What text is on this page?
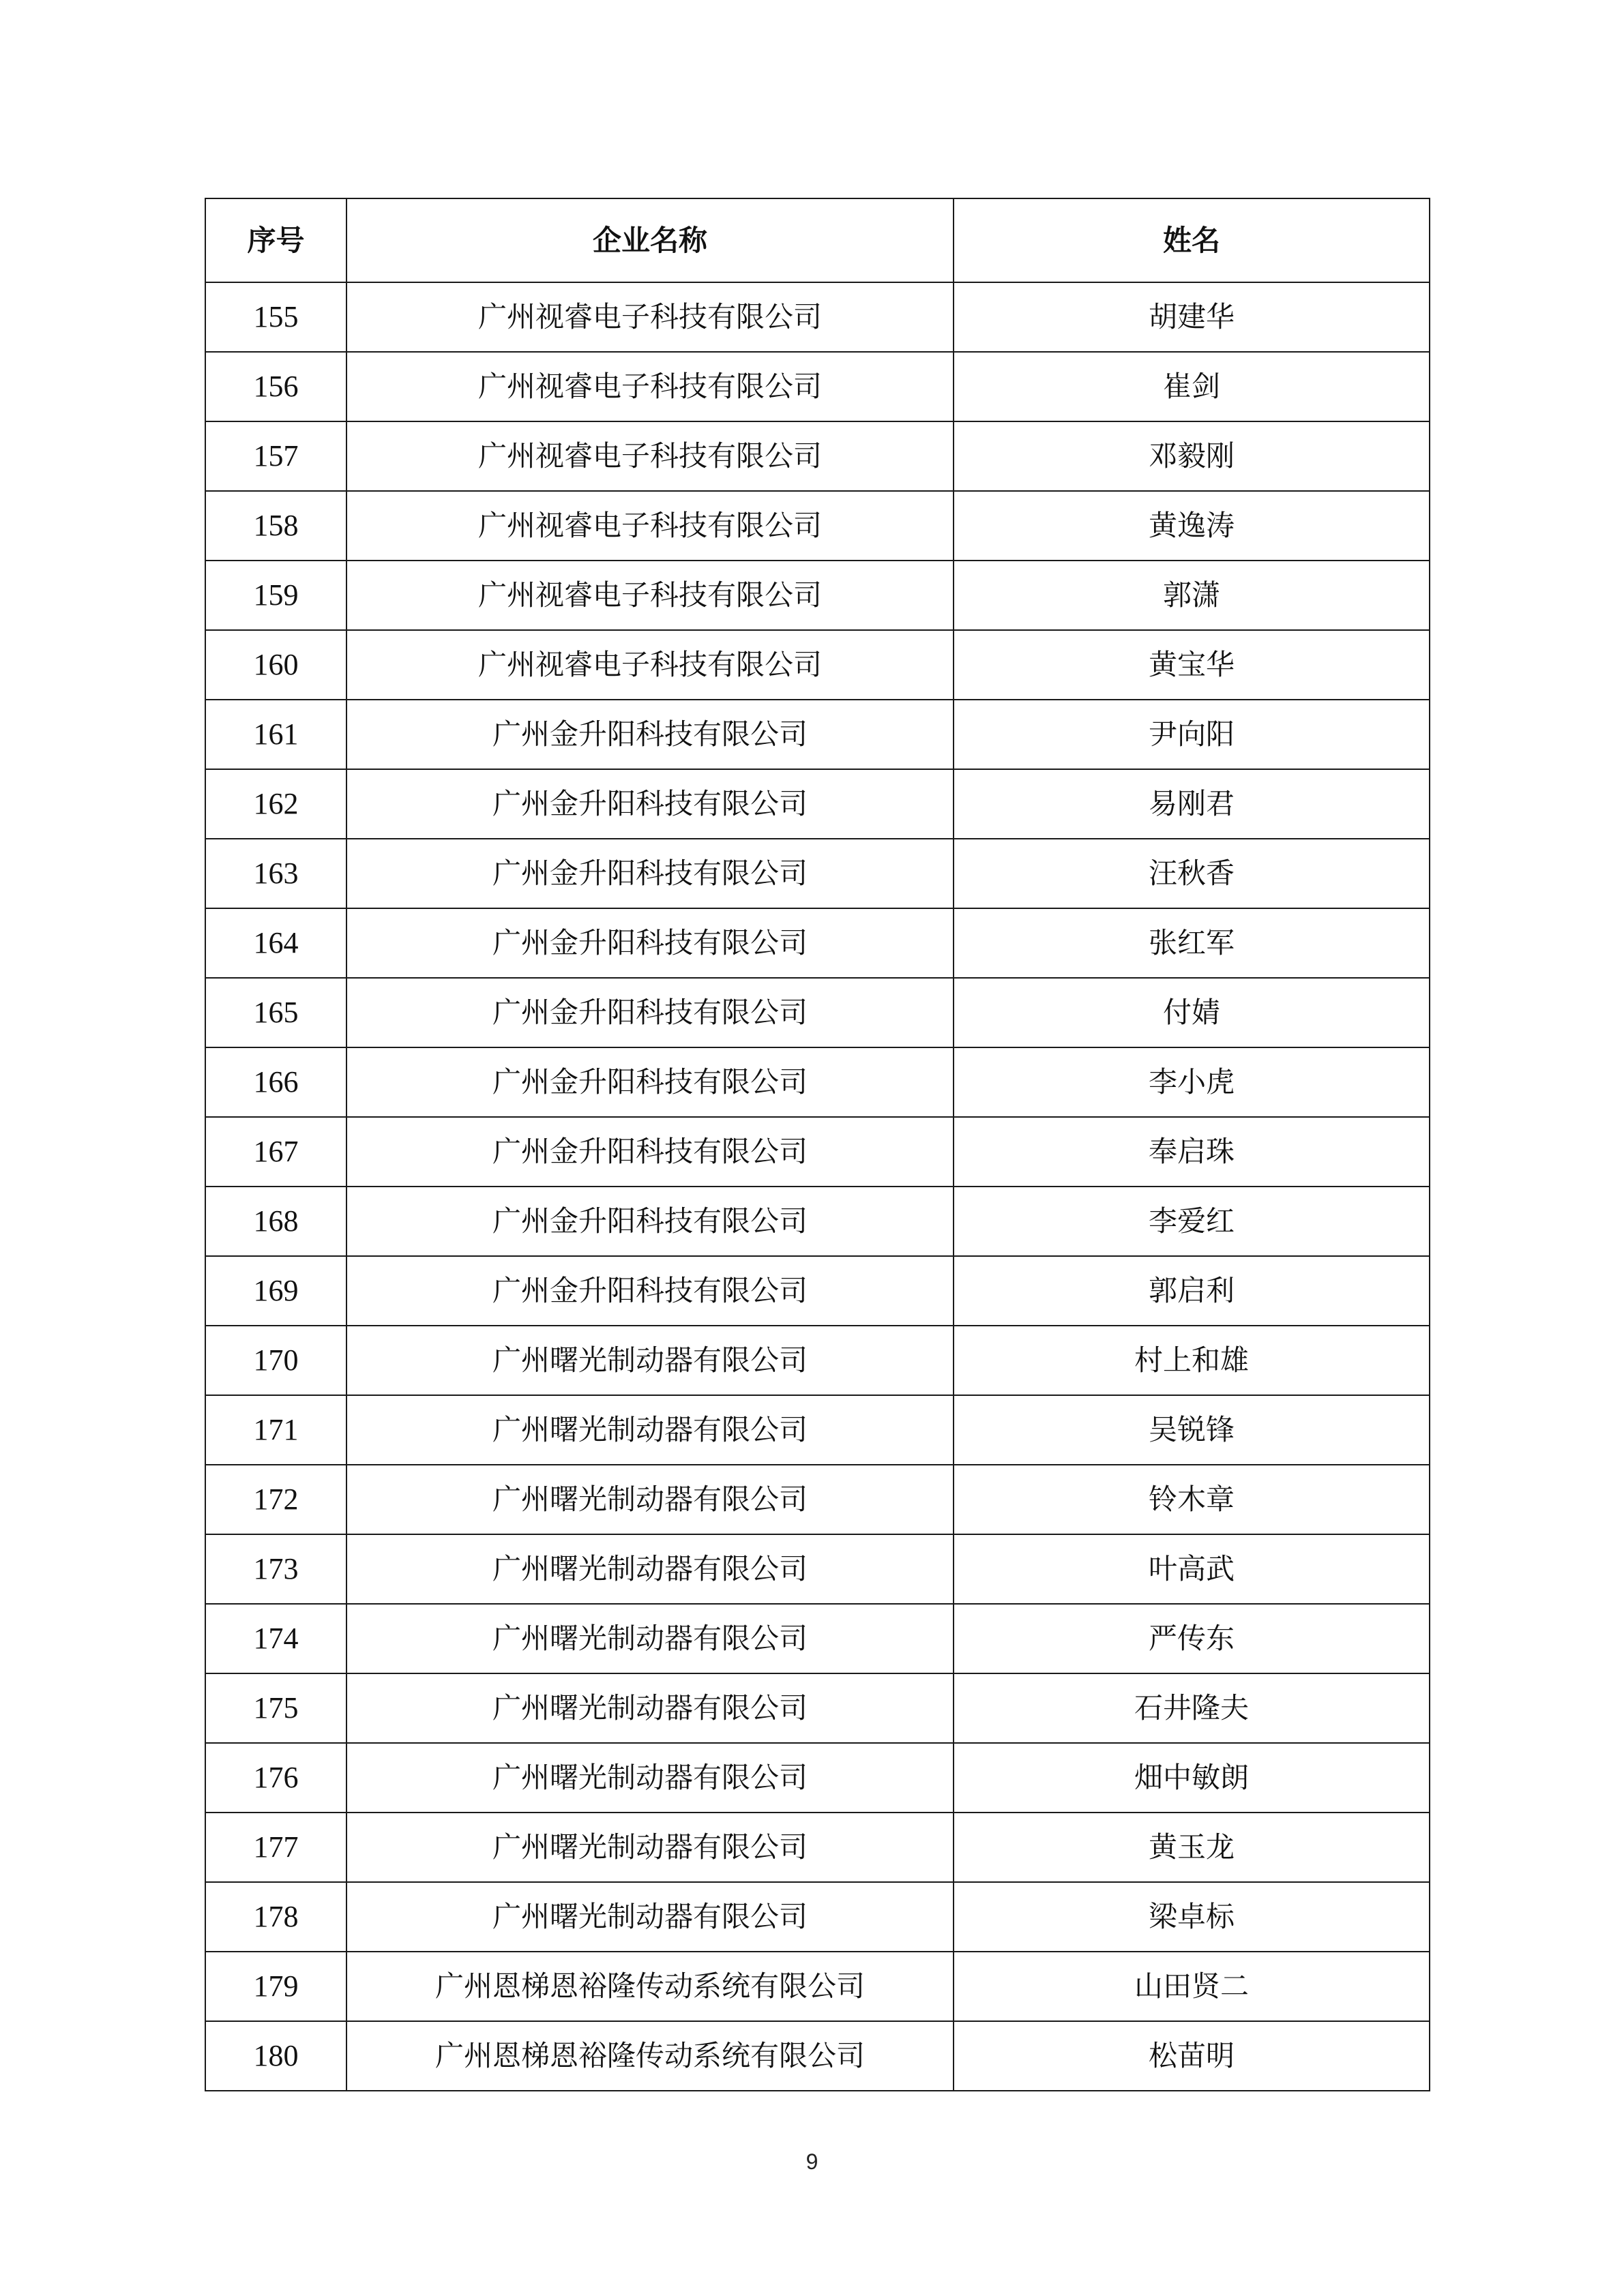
序号	企业名称	姓名
155	广州视睿电子科技有限公司	胡建华
156	广州视睿电子科技有限公司	崔剑
157	广州视睿电子科技有限公司	邓毅刚
158	广州视睿电子科技有限公司	黄逸涛
159	广州视睿电子科技有限公司	郭潇
160	广州视睿电子科技有限公司	黄宝华
161	广州金升阳科技有限公司	尹向阳
162	广州金升阳科技有限公司	易刚君
163	广州金升阳科技有限公司	汪秋香
164	广州金升阳科技有限公司	张红军
165	广州金升阳科技有限公司	付婧
166	广州金升阳科技有限公司	李小虎
167	广州金升阳科技有限公司	奉启珠
168	广州金升阳科技有限公司	李爱红
169	广州金升阳科技有限公司	郭启利
170	广州曙光制动器有限公司	村上和雄
171	广州曙光制动器有限公司	吴锐锋
172	广州曙光制动器有限公司	铃木章
173	广州曙光制动器有限公司	叶高武
174	广州曙光制动器有限公司	严传东
175	广州曙光制动器有限公司	石井隆夫
176	广州曙光制动器有限公司	畑中敏朗
177	广州曙光制动器有限公司	黄玉龙
178	广州曙光制动器有限公司	梁卓标
179	广州恩梯恩裕隆传动系统有限公司	山田贤二
180	广州恩梯恩裕隆传动系统有限公司	松苗明
9
